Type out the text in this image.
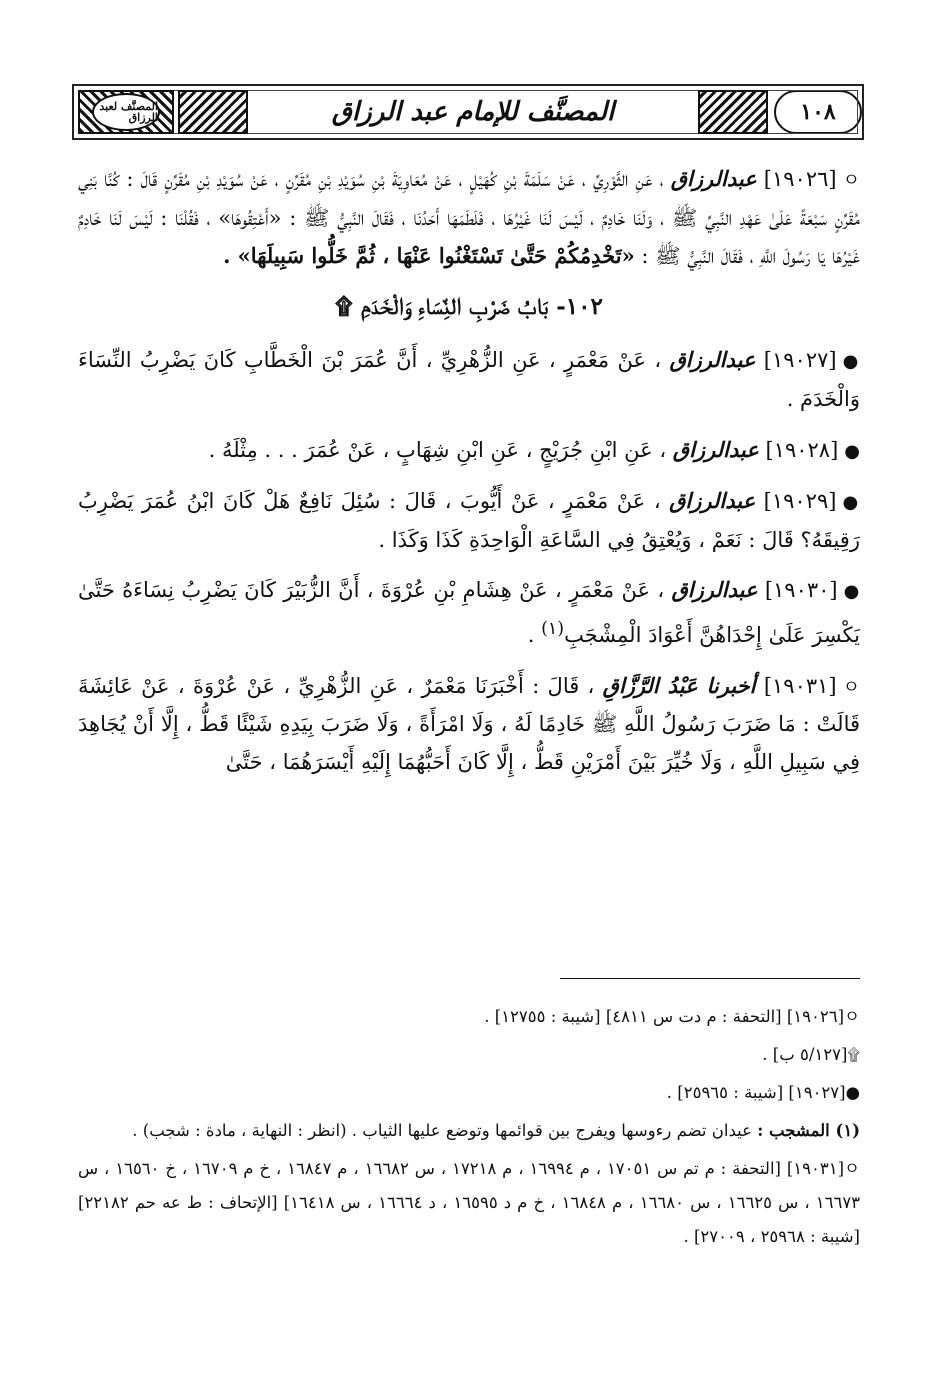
١٠٨
المصنَّف للإمام عبد الرزاق
المصنَّف لعبد الرزاق

ㅇ[١٩٠٢٦] عبدالرزاق ، عَنِ الثَّوْرِيِّ ، عَنْ سَلَمَةَ بْنِ كُهَيْلٍ ، عَنْ مُعَاوِيَةَ بْنِ سُوَيْدِ بْنِ مُقَرِّنٍ ، عَنْ سُوَيْدِ بْنِ مُقَرِّنٍ قَالَ : كُنَّا بَنِي مُقَرِّنٍ سَبْعَةً عَلَىٰ عَهْدِ النَّبِيِّ ﷺ ، وَلَنَا خَادِمٌ ، لَيْسَ لَنَا غَيْرُهَا ، فَلَطَمَهَا أَحَدُنَا ، فَقَالَ النَّبِيُّ ﷺ : «أَعْتِقُوهَا» ، فَقُلْنَا : لَيْسَ لَنَا خَادِمٌ غَيْرُهَا يَا رَسُولَ اللَّهِ ، فَقَالَ النَّبِيُّ ﷺ : «تَخْدِمُكُمْ حَتَّىٰ تَسْتَغْنُوا عَنْهَا ، ثُمَّ خَلُّوا سَبِيلَهَا» .

١٠٢- بَابُ ضَرْبِ النِّسَاءِ وَالْخَدَمِ ۩

●[١٩٠٢٧] عبدالرزاق ، عَنْ مَعْمَرٍ ، عَنِ الزُّهْرِيِّ ، أَنَّ عُمَرَ بْنَ الْخَطَّابِ كَانَ يَضْرِبُ النِّسَاءَ وَالْخَدَمَ .

●[١٩٠٢٨] عبدالرزاق ، عَنِ ابْنِ جُرَيْجٍ ، عَنِ ابْنِ شِهَابٍ ، عَنْ عُمَرَ . . . مِثْلَهُ .

●[١٩٠٢٩] عبدالرزاق ، عَنْ مَعْمَرٍ ، عَنْ أَيُّوبَ ، قَالَ : سُئِلَ نَافِعٌ هَلْ كَانَ ابْنُ عُمَرَ يَضْرِبُ رَقِيقَهُ؟ قَالَ : نَعَمْ ، وَيُعْتِقُ فِي السَّاعَةِ الْوَاحِدَةِ كَذَا وَكَذَا .

●[١٩٠٣٠] عبدالرزاق ، عَنْ مَعْمَرٍ ، عَنْ هِشَامِ بْنِ عُرْوَةَ ، أَنَّ الزُّبَيْرَ كَانَ يَضْرِبُ نِسَاءَهُ حَتَّىٰ يَكْسِرَ عَلَىٰ إِحْدَاهُنَّ أَعْوَادَ الْمِشْجَبِ$^{(١)}$ .

ㅇ[١٩٠٣١] أخبرنا عَبْدُ الرَّزَّاقِ ، قَالَ : أَخْبَرَنَا مَعْمَرٌ ، عَنِ الزُّهْرِيِّ ، عَنْ عُرْوَةَ ، عَنْ عَائِشَةَ قَالَتْ : مَا ضَرَبَ رَسُولُ اللَّهِ ﷺ خَادِمًا لَهُ ، وَلَا امْرَأَةً ، وَلَا ضَرَبَ بِيَدِهِ شَيْئًا قَطُّ ، إِلَّا أَنْ يُجَاهِدَ فِي سَبِيلِ اللَّهِ ، وَلَا خُيِّرَ بَيْنَ أَمْرَيْنِ قَطُّ ، إِلَّا كَانَ أَحَبُّهُمَا إِلَيْهِ أَيْسَرَهُمَا ، حَتَّىٰ

ㅇ[١٩٠٢٦] [التحفة : م دت س ٤٨١١] [شيبة : ١٢٧٥٥] .

۩[٥/١٢٧ ب] .

●[١٩٠٢٧] [شيبة : ٢٥٩٦٥] .

(١) المشجب : عيدان تضم رءوسها ويفرج بين قوائمها وتوضع عليها الثياب . (انظر : النهاية ، مادة : شجب) .

ㅇ[١٩٠٣١] [التحفة : م تم س ١٧٠٥١ ، م ١٦٩٩٤ ، م ١٧٢١٨ ، س ١٦٦٨٢ ، م ١٦٨٤٧ ، خ م ١٦٧٠٩ ، خ ١٦٥٦٠ ، س ١٦٦٧٣ ، س ١٦٦٢٥ ، س ١٦٦٨٠ ، م ١٦٨٤٨ ، خ م د ١٦٥٩٥ ، د ١٦٦٦٤ ، س ١٦٤١٨] [الإتحاف : ط عه حم ٢٢١٨٢] [شيبة : ٢٥٩٦٨ ، ٢٧٠٠٩] .
